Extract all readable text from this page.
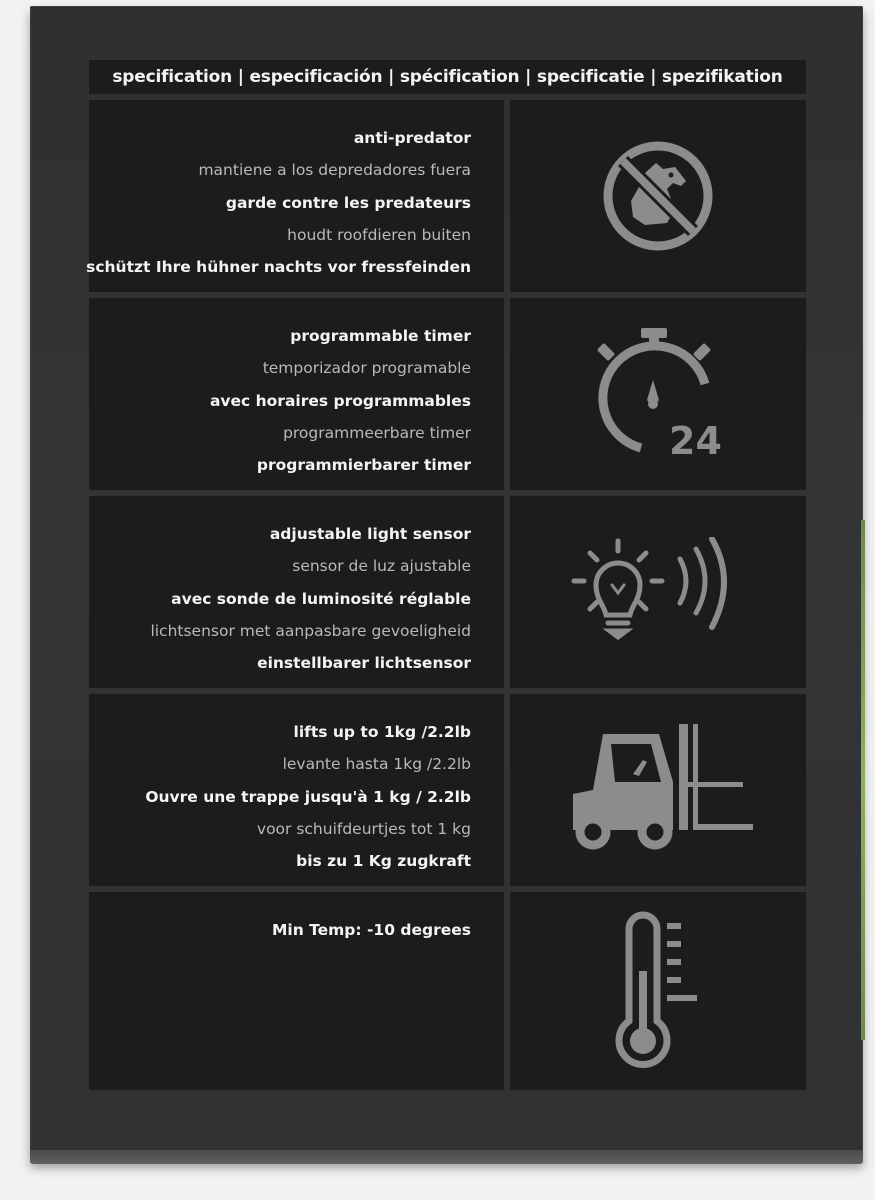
specification | especificación | spécification | specificatie | spezifikation
anti-predator
mantiene a los depredadores fuera
garde contre les predateurs
houdt roofdieren buiten
schützt Ihre hühner nachts vor fressfeinden
programmable timer
temporizador programable
avec horaires programmables
programmeerbare timer
programmierbarer timer
24
adjustable light sensor
sensor de luz ajustable
avec sonde de luminosité réglable
lichtsensor met aanpasbare gevoeligheid
einstellbarer lichtsensor
lifts up to 1kg /2.2lb
levante hasta 1kg /2.2lb
Ouvre une trappe jusqu'à 1 kg / 2.2lb
voor schuifdeurtjes tot 1 kg
bis zu 1 Kg zugkraft
Min Temp: -10 degrees
